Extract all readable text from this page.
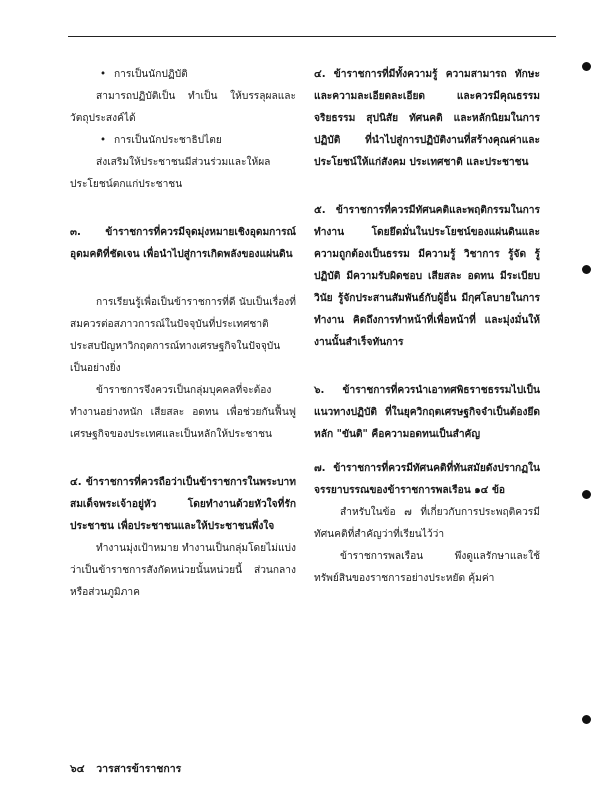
• การเป็นนักปฏิบัติ

สามารถปฏิบัติเป็น ทำเป็น ให้บรรลุผลและวัตถุประสงค์ได้

• การเป็นนักประชาธิปไตย

ส่งเสริมให้ประชาชนมีส่วนร่วมและให้ผลประโยชน์ตกแก่ประชาชน

๓. ข้าราชการที่ควรมีจุดมุ่งหมายเชิงอุดมการณ์ อุดมคติที่ชัดเจน เพื่อนำไปสู่การเกิดพลังของแผ่นดิน

การเรียนรู้เพื่อเป็นข้าราชการที่ดี นับเป็นเรื่องที่สมควรต่อสภาวการณ์ในปัจจุบันที่ประเทศชาติประสบปัญหาวิกฤตการณ์ทางเศรษฐกิจในปัจจุบันเป็นอย่างยิ่ง

ข้าราชการจึงควรเป็นกลุ่มบุคคลที่จะต้องทำงานอย่างหนัก เสียสละ อดทน เพื่อช่วยกันฟื้นฟูเศรษฐกิจของประเทศและเป็นหลักให้ประชาชน

๔. ข้าราชการที่ควรถือว่าเป็นข้าราชการในพระบาทสมเด็จพระเจ้าอยู่หัว โดยทำงานด้วยหัวใจที่รักประชาชน เพื่อประชาชนและให้ประชาชนพึ่งใจ

ทำงานมุ่งเป้าหมาย ทำงานเป็นกลุ่มโดยไม่แบ่งว่าเป็นข้าราชการสังกัดหน่วยนั้นหน่วยนี้ ส่วนกลางหรือส่วนภูมิภาค

๔. ข้าราชการที่มีทั้งความรู้ ความสามารถ ทักษะ และความละเอียดละเอียด และควรมีคุณธรรม จริยธรรม สุปนิสัย ทัศนคติ และหลักนิยมในการปฏิบัติ ที่นำไปสู่การปฏิบัติงานที่สร้างคุณค่าและประโยชน์ให้แก่สังคม ประเทศชาติ และประชาชน

๕. ข้าราชการที่ควรมีทัศนคติและพฤติกรรมในการทำงาน โดยยึดมั่นในประโยชน์ของแผ่นดินและความถูกต้องเป็นธรรม มีความรู้ วิชาการ รู้จัด รู้ปฏิบัติ มีความรับผิดชอบ เสียสละ อดทน มีระเบียบวินัย รู้จักประสานสัมพันธ์กับผู้อื่น มีกุศโลบายในการทำงาน คิดถึงการทำหน้าที่เพื่อหน้าที่ และมุ่งมั่นให้งานนั้นสำเร็จทันการ

๖. ข้าราชการที่ควรนำเอาทศพิธราชธรรมไปเป็นแนวทางปฏิบัติ ที่ในยุควิกฤตเศรษฐกิจจำเป็นต้องยึดหลัก "ขันติ" คือความอดทนเป็นสำคัญ

๗. ข้าราชการที่ควรมีทัศนคติที่ทันสมัยดังปรากฏในจรรยาบรรณของข้าราชการพลเรือน ๑๔ ข้อ

สำหรับในข้อ ๗ ที่เกี่ยวกับการประพฤติควรมีทัศนคติที่สำคัญว่าที่เรียนไว้ว่า

ข้าราชการพลเรือน พึงดูแลรักษาและใช้ทรัพย์สินของราชการอย่างประหยัด คุ้มค่า

๖๔ วารสารข้าราชการ
